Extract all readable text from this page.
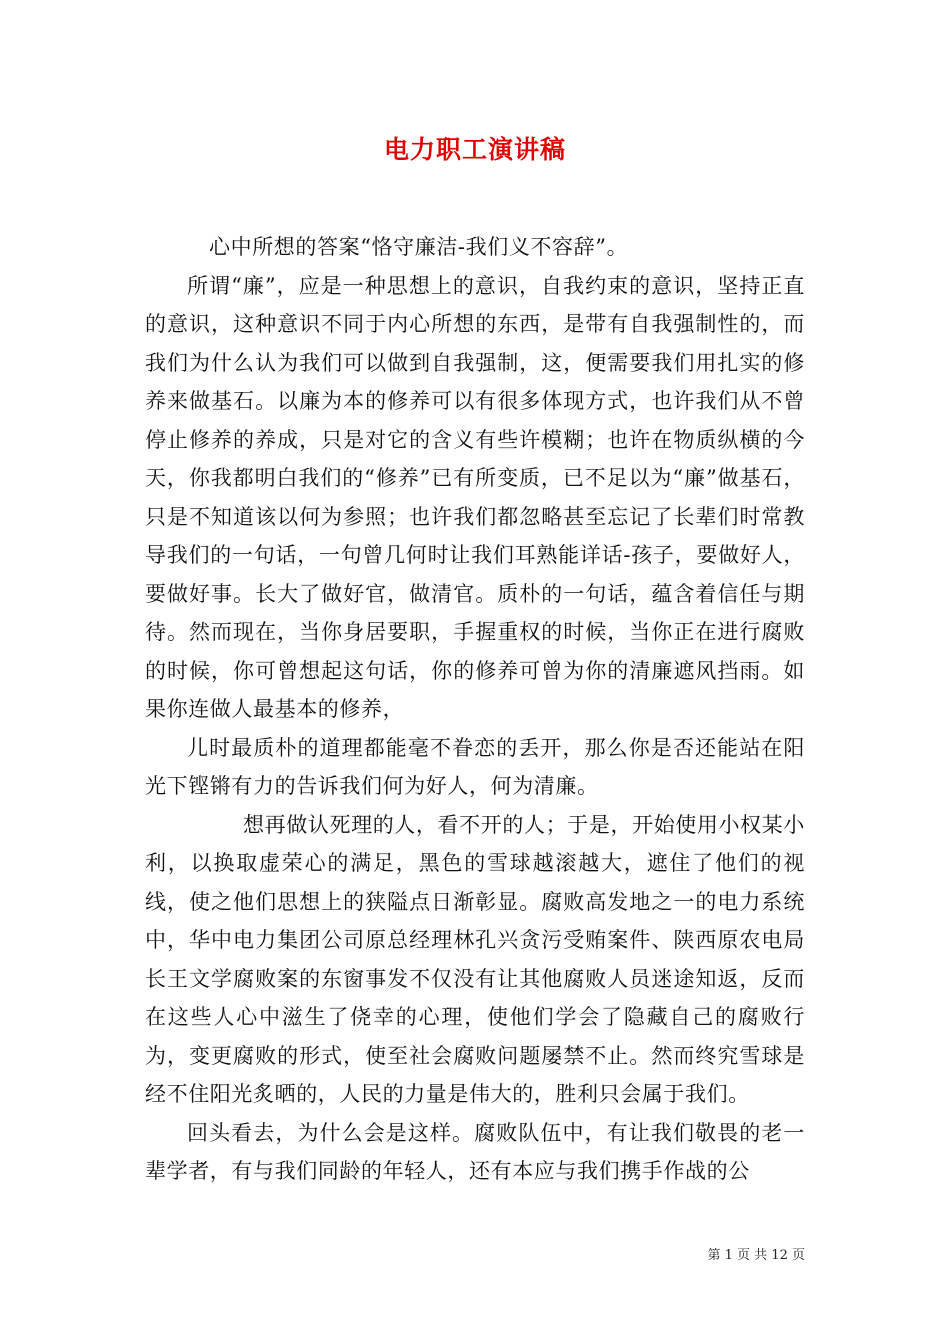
电力职工演讲稿

心中所想的答案“恪守廉洁-我们义不容辞”。

所谓“廉”，应是一种思想上的意识，自我约束的意识，坚持正直的意识，这种意识不同于内心所想的东西，是带有自我强制性的，而我们为什么认为我们可以做到自我强制，这，便需要我们用扎实的修养来做基石。以廉为本的修养可以有很多体现方式，也许我们从不曾停止修养的养成，只是对它的含义有些许模糊；也许在物质纵横的今天，你我都明白我们的“修养”已有所变质，已不足以为“廉”做基石，只是不知道该以何为参照；也许我们都忽略甚至忘记了长辈们时常教导我们的一句话，一句曾几何时让我们耳熟能详话-孩子，要做好人，要做好事。长大了做好官，做清官。质朴的一句话，蕴含着信任与期待。然而现在，当你身居要职，手握重权的时候，当你正在进行腐败的时候，你可曾想起这句话，你的修养可曾为你的清廉遮风挡雨。如果你连做人最基本的修养，

儿时最质朴的道理都能毫不眷恋的丢开，那么你是否还能站在阳光下铿锵有力的告诉我们何为好人，何为清廉。

想再做认死理的人，看不开的人；于是，开始使用小权某小利，以换取虚荣心的满足，黑色的雪球越滚越大，遮住了他们的视线，使之他们思想上的狭隘点日渐彰显。腐败高发地之一的电力系统中，华中电力集团公司原总经理林孔兴贪污受贿案件、陕西原农电局长王文学腐败案的东窗事发不仅没有让其他腐败人员迷途知返，反而在这些人心中滋生了侥幸的心理，使他们学会了隐藏自己的腐败行为，变更腐败的形式，使至社会腐败问题屡禁不止。然而终究雪球是经不住阳光炙晒的，人民的力量是伟大的，胜利只会属于我们。

回头看去，为什么会是这样。腐败队伍中，有让我们敬畏的老一辈学者，有与我们同龄的年轻人，还有本应与我们携手作战的公

第 1 页 共 12 页
